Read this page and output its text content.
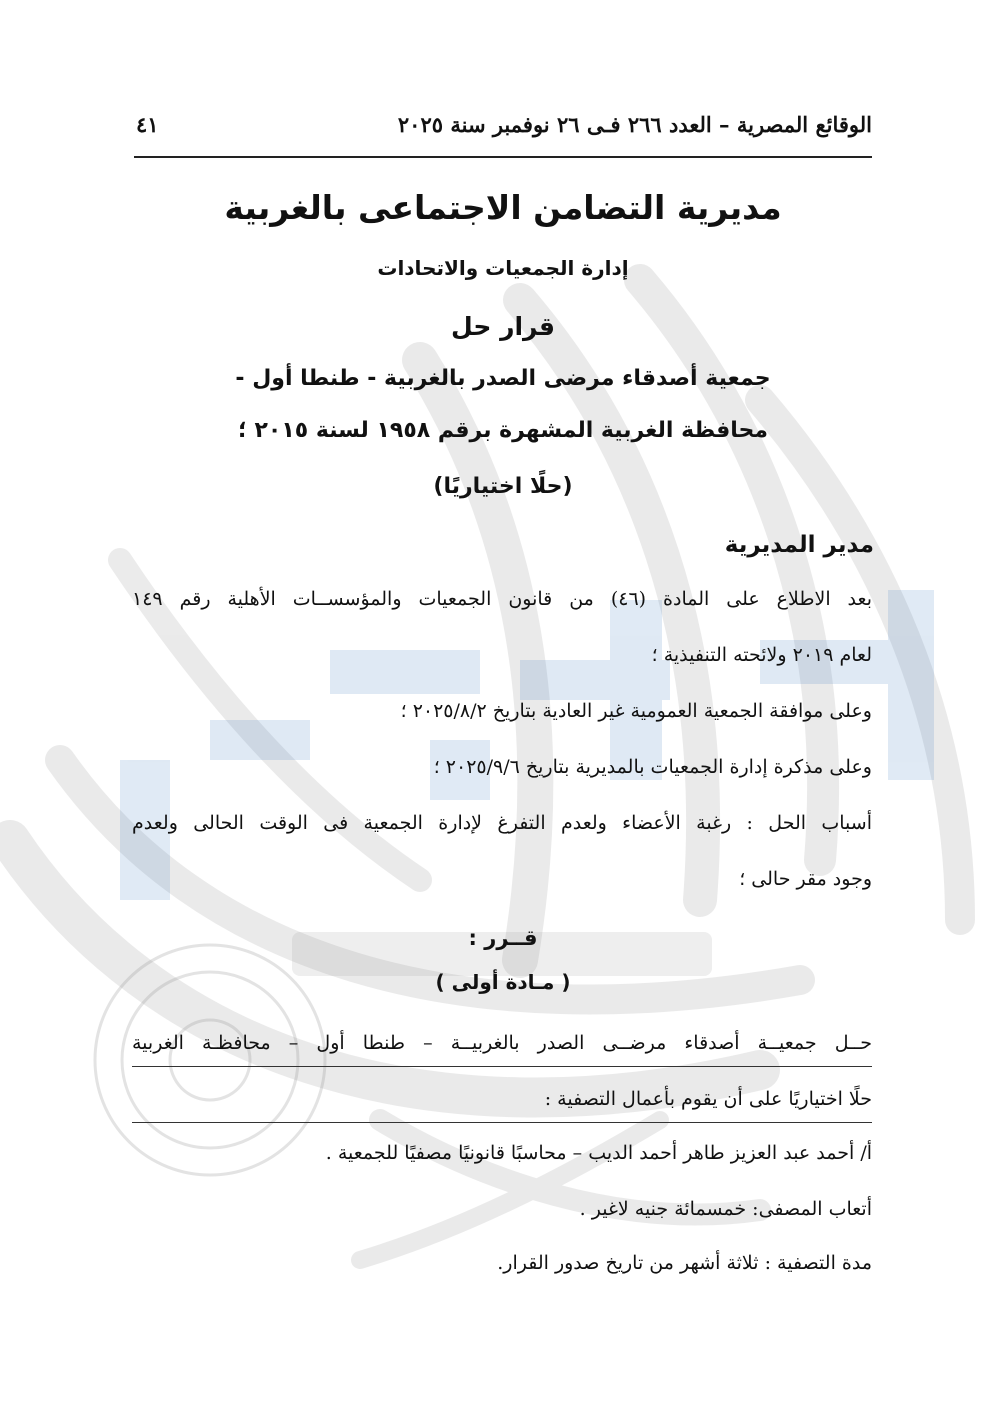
الوقائع المصرية – العدد ٢٦٦ فـى ٢٦ نوفمبر سنة ٢٠٢٥
٤١
مديرية التضامن الاجتماعى بالغربية
إدارة الجمعيات والاتحادات
قرار حل
جمعية أصدقاء مرضى الصدر بالغربية - طنطا أول -
محافظة الغربية المشهرة برقم ١٩٥٨ لسنة ٢٠١٥ ؛
(حلًا اختياريًا)
مدير المديرية
بعد الاطلاع على المادة (٤٦) من قانون الجمعيات والمؤسســات الأهلية رقم ١٤٩
لعام ٢٠١٩ ولائحته التنفيذية ؛
وعلى موافقة الجمعية العمومية غير العادية بتاريخ ٢٠٢٥/٨/٢ ؛
وعلى مذكرة إدارة الجمعيات بالمديرية بتاريخ ٢٠٢٥/٩/٦ ؛
أسباب الحل : رغبة الأعضاء ولعدم التفرغ لإدارة الجمعية فى الوقت الحالى ولعدم
وجود مقر حالى ؛
قــرر :
( مـادة أولى )
حــل جمعيــة أصدقاء مرضــى الصدر بالغربيــة – طنطا أول – محافظـة الغربية
حلًا اختياريًا على أن يقوم بأعمال التصفية :
أ/ أحمد عبد العزيز طاهر أحمد الديب – محاسبًا قانونيًا مصفيًا للجمعية .
أتعاب المصفى: خمسمائة جنيه لاغير .
مدة التصفية : ثلاثة أشهر من تاريخ صدور القرار.
